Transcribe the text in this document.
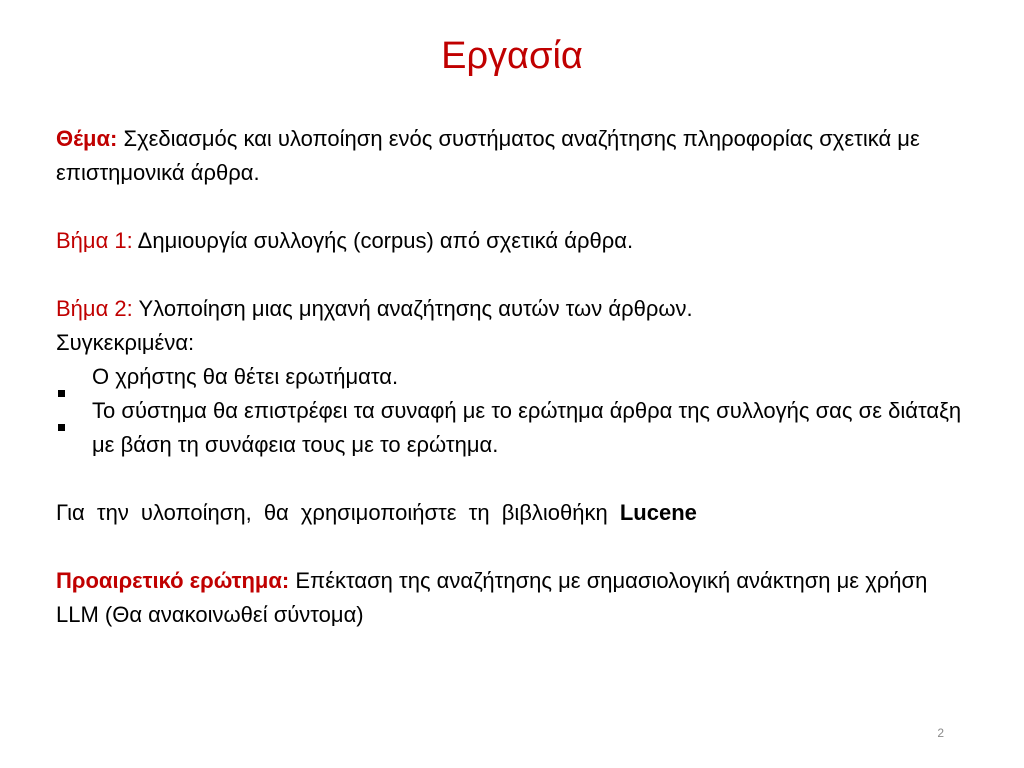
Εργασία

Θέμα: Σχεδιασμός και υλοποίηση ενός συστήματος αναζήτησης πληροφορίας σχετικά με επιστημονικά άρθρα.

Βήμα 1: Δημιουργία συλλογής (corpus) από σχετικά άρθρα.

Βήμα 2: Υλοποίηση μιας μηχανή αναζήτησης αυτών των άρθρων.

Συγκεκριμένα:

Ο χρήστης θα θέτει ερωτήματα.
Το σύστημα θα επιστρέφει τα συναφή με το ερώτημα άρθρα της συλλογής σας σε διάταξη με βάση τη συνάφεια τους με το ερώτημα.

Για την υλοποίηση, θα χρησιμοποιήστε τη βιβλιοθήκη Lucene

Προαιρετικό ερώτημα: Επέκταση της αναζήτησης με σημασιολογική ανάκτηση με χρήση LLM (Θα ανακοινωθεί σύντομα)

2
